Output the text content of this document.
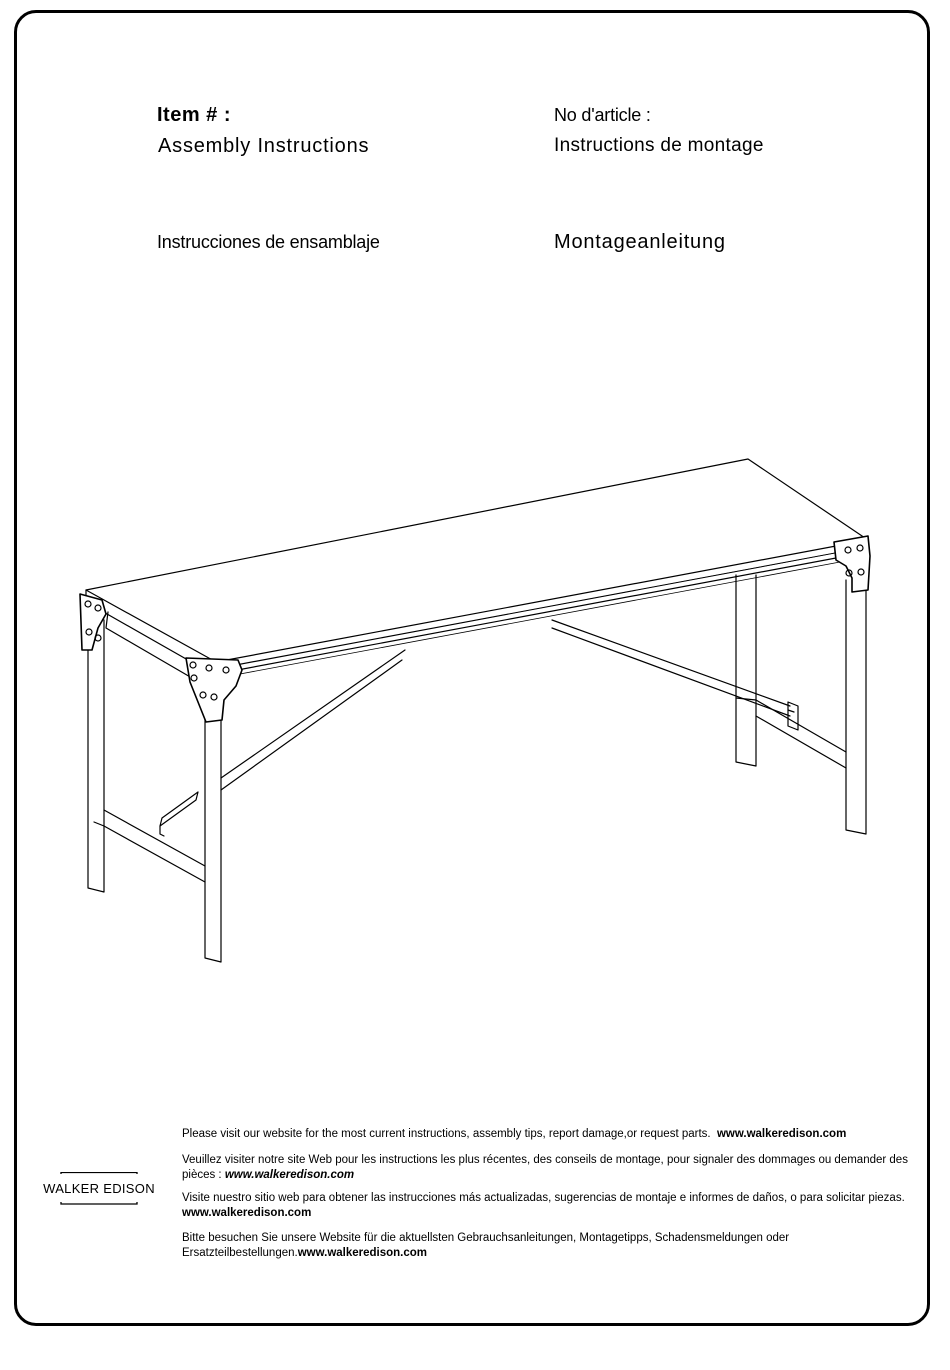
Item # :
Assembly Instructions
No d'article :
Instructions de montage
Instrucciones de ensamblaje	Montageanleitung
WALKER EDISON

Please visit our website for the most current instructions, assembly tips, report damage,or request parts. www.walkeredison.com

Veuillez visiter notre site Web pour les instructions les plus récentes, des conseils de montage, pour signaler des dommages ou demander des pièces : www.walkeredison.com

Visite nuestro sitio web para obtener las instrucciones más actualizadas, sugerencias de montaje e informes de daños, o para solicitar piezas. www.walkeredison.com

Bitte besuchen Sie unsere Website für die aktuellsten Gebrauchsanleitungen, Montagetipps, Schadensmeldungen oder Ersatzteilbestellungen.www.walkeredison.com
